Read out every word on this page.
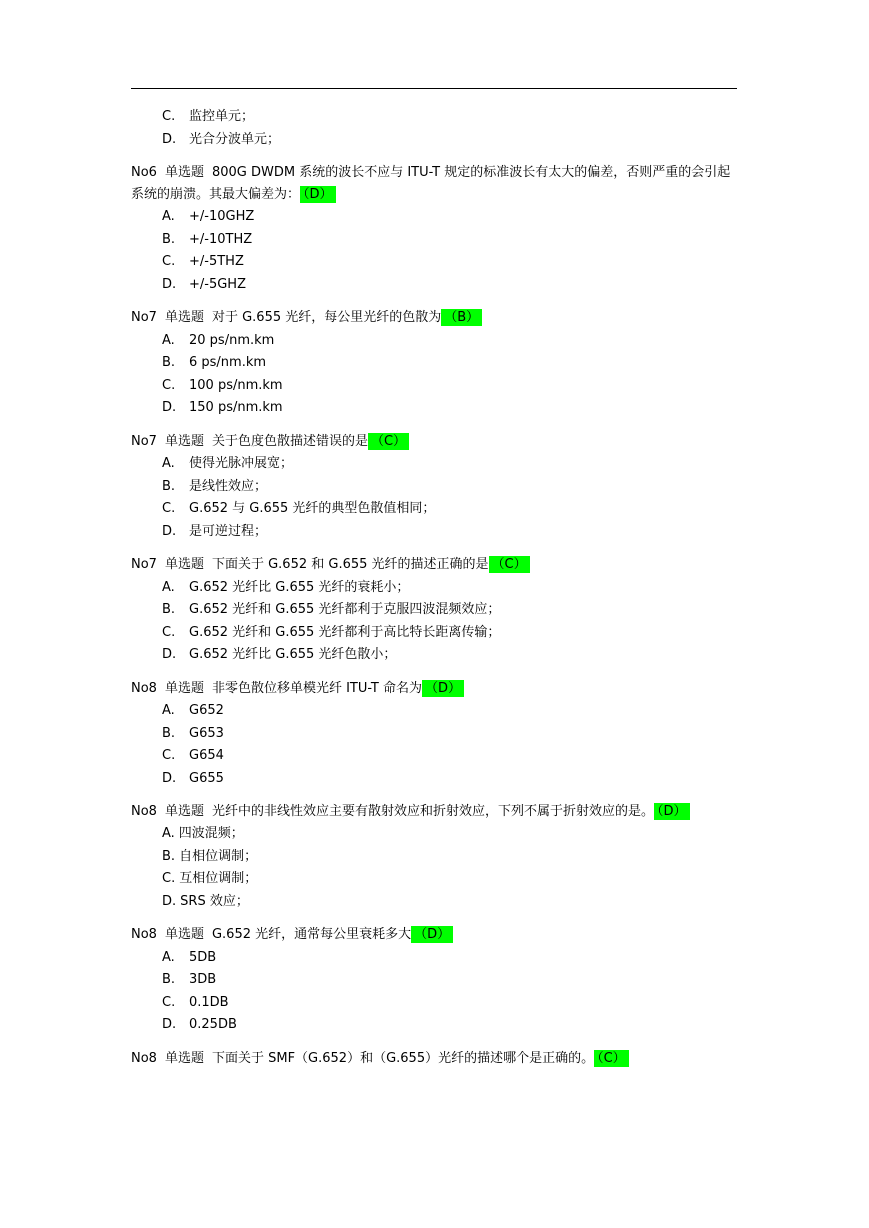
C. 监控单元；
D. 光合分波单元；
No6 单选题 800G DWDM 系统的波长不应与 ITU-T 规定的标准波长有太大的偏差，否则严重的会引起系统的崩溃。其最大偏差为： （D）
A. +/-10GHZ
B. +/-10THZ
C. +/-5THZ
D. +/-5GHZ
No7 单选题 对于 G.655 光纤，每公里光纤的色散为 （B）
A. 20 ps/nm.km
B. 6 ps/nm.km
C. 100 ps/nm.km
D. 150 ps/nm.km
No7 单选题 关于色度色散描述错误的是 （C）
A. 使得光脉冲展宽；
B. 是线性效应；
C. G.652 与 G.655 光纤的典型色散值相同；
D. 是可逆过程；
No7 单选题 下面关于 G.652 和 G.655 光纤的描述正确的是 （C）
A. G.652 光纤比 G.655 光纤的衰耗小；
B. G.652 光纤和 G.655 光纤都利于克服四波混频效应；
C. G.652 光纤和 G.655 光纤都利于高比特长距离传输；
D. G.652 光纤比 G.655 光纤色散小；
No8 单选题 非零色散位移单模光纤 ITU-T 命名为 （D）
A. G652
B. G653
C. G654
D. G655
No8 单选题 光纤中的非线性效应主要有散射效应和折射效应，下列不属于折射效应的是。 （D）
A. 四波混频；
B. 自相位调制；
C. 互相位调制；
D. SRS 效应；
No8 单选题 G.652 光纤，通常每公里衰耗多大 （D）
A. 5DB
B. 3DB
C. 0.1DB
D. 0.25DB
No8 单选题 下面关于 SMF（G.652）和（G.655）光纤的描述哪个是正确的。 （C）
